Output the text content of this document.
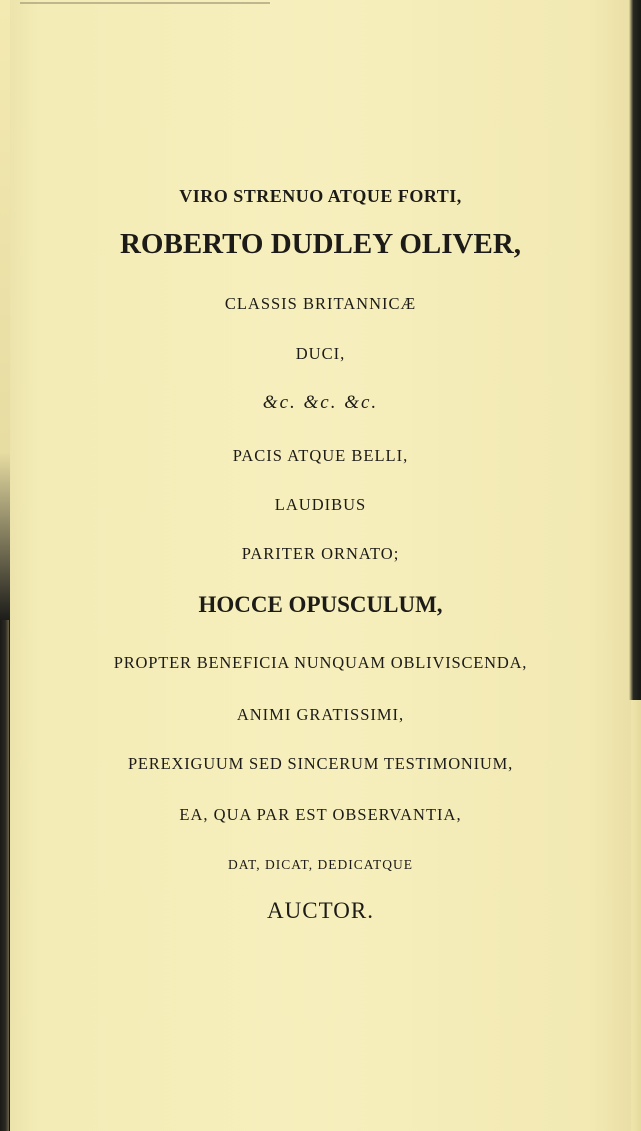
VIRO STRENUO ATQUE FORTI,
ROBERTO DUDLEY OLIVER,
CLASSIS BRITANNICÆ
DUCI,
&c. &c. &c.
PACIS ATQUE BELLI,
LAUDIBUS
PARITER ORNATO;
HOCCE OPUSCULUM,
PROPTER BENEFICIA NUNQUAM OBLIVISCENDA,
ANIMI GRATISSIMI,
PEREXIGUUM SED SINCERUM TESTIMONIUM,
EA, QUA PAR EST OBSERVANTIA,
DAT, DICAT, DEDICATQUE
AUCTOR.
